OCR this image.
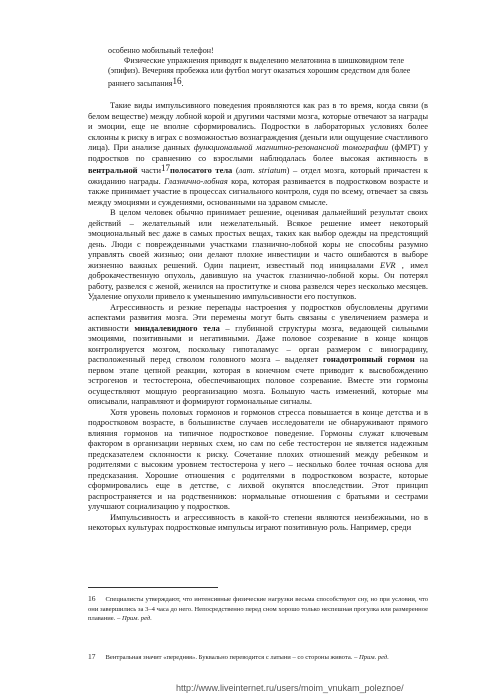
особенно мобильный телефон!
Физические упражнения приводят к выделению мелатонина в шишковидном теле (эпифиз). Вечерняя пробежка или футбол могут оказаться хорошим средством для более раннего засыпания16.

Такие виды импульсивного поведения проявляются как раз в то время, когда связи (в белом веществе) между лобной корой и другими частями мозга, которые отвечают за награды и эмоции, еще не вполне сформировались. Подростки в лабораторных условиях более склонны к риску в играх с возможностью вознаграждения (деньги или ощущение счастливого лица). При анализе данных функциональной магнитно-резонансной томографии (фМРТ) у подростков по сравнению со взрослыми наблюдалась более высокая активность в вентральной части17полосатого тела (лат. striatum) – отдел мозга, который причастен к ожиданию награды. Глазнично-лобная кора, которая развивается в подростковом возрасте и также принимает участие в процессах сигнального контроля, судя по всему, отвечает за связь между эмоциями и суждениями, основанными на здравом смысле.

В целом человек обычно принимает решение, оценивая дальнейший результат своих действий – желательный или нежелательный. Всякое решение имеет некоторый эмоциональный вес даже в самых простых вещах, таких как выбор одежды на предстоящий день. Люди с поврежденными участками глазнично-лобной коры не способны разумно управлять своей жизнью; они делают плохие инвестиции и часто ошибаются в выборе жизненно важных решений. Один пациент, известный под инициалами EVR , имел доброкачественную опухоль, давившую на участок глазнично-лобной коры. Он потерял работу, развелся с женой, женился на проститутке и снова развелся через несколько месяцев. Удаление опухоли привело к уменьшению импульсивности его поступков.

Агрессивность и резкие перепады настроения у подростков обусловлены другими аспектами развития мозга. Эти перемены могут быть связаны с увеличением размера и активности миндалевидного тела – глубинной структуры мозга, ведающей сильными эмоциями, позитивными и негативными. Даже половое созревание в конце концов контролируется мозгом, поскольку гипоталамус – орган размером с виноградину, расположенный перед стволом головного мозга – выделяет гонадотропный гормон на первом этапе цепной реакции, которая в конечном счете приводит к высвобождению эстрогенов и тестостерона, обеспечивающих половое созревание. Вместе эти гормоны осуществляют мощную реорганизацию мозга. Большую часть изменений, которые мы описывали, направляют и формируют гормональные сигналы.

Хотя уровень половых гормонов и гормонов стресса повышается в конце детства и в подростковом возрасте, в большинстве случаев исследователи не обнаруживают прямого влияния гормонов на типичное подростковое поведение. Гормоны служат ключевым фактором в организации нервных схем, но сам по себе тестостерон не является надежным предсказателем склонности к риску. Сочетание плохих отношений между ребенком и родителями с высоким уровнем тестостерона у него – несколько более точная основа для предсказания. Хорошие отношения с родителями в подростковом возрасте, которые сформировались еще в детстве, с лихвой окупятся впоследствии. Этот принцип распространяется и на родственников: нормальные отношения с братьями и сестрами улучшают социализацию у подростков.

Импульсивность и агрессивность в какой-то степени являются неизбежными, но в некоторых культурах подростковые импульсы играют позитивную роль. Например, среди

16 Специалисты утверждают, что интенсивные физические нагрузки весьма способствуют сну, но при условии, что они завершились за 3–4 часа до него. Непосредственно перед сном хорошо только неспешная прогулка или размеренное плавание. – Прим. ред.
17 Вентральная значит «передняя». Буквально переводится с латыни – со стороны живота. – Прим. ред.
http://www.liveinternet.ru/users/moim_vnukam_poleznoe/
